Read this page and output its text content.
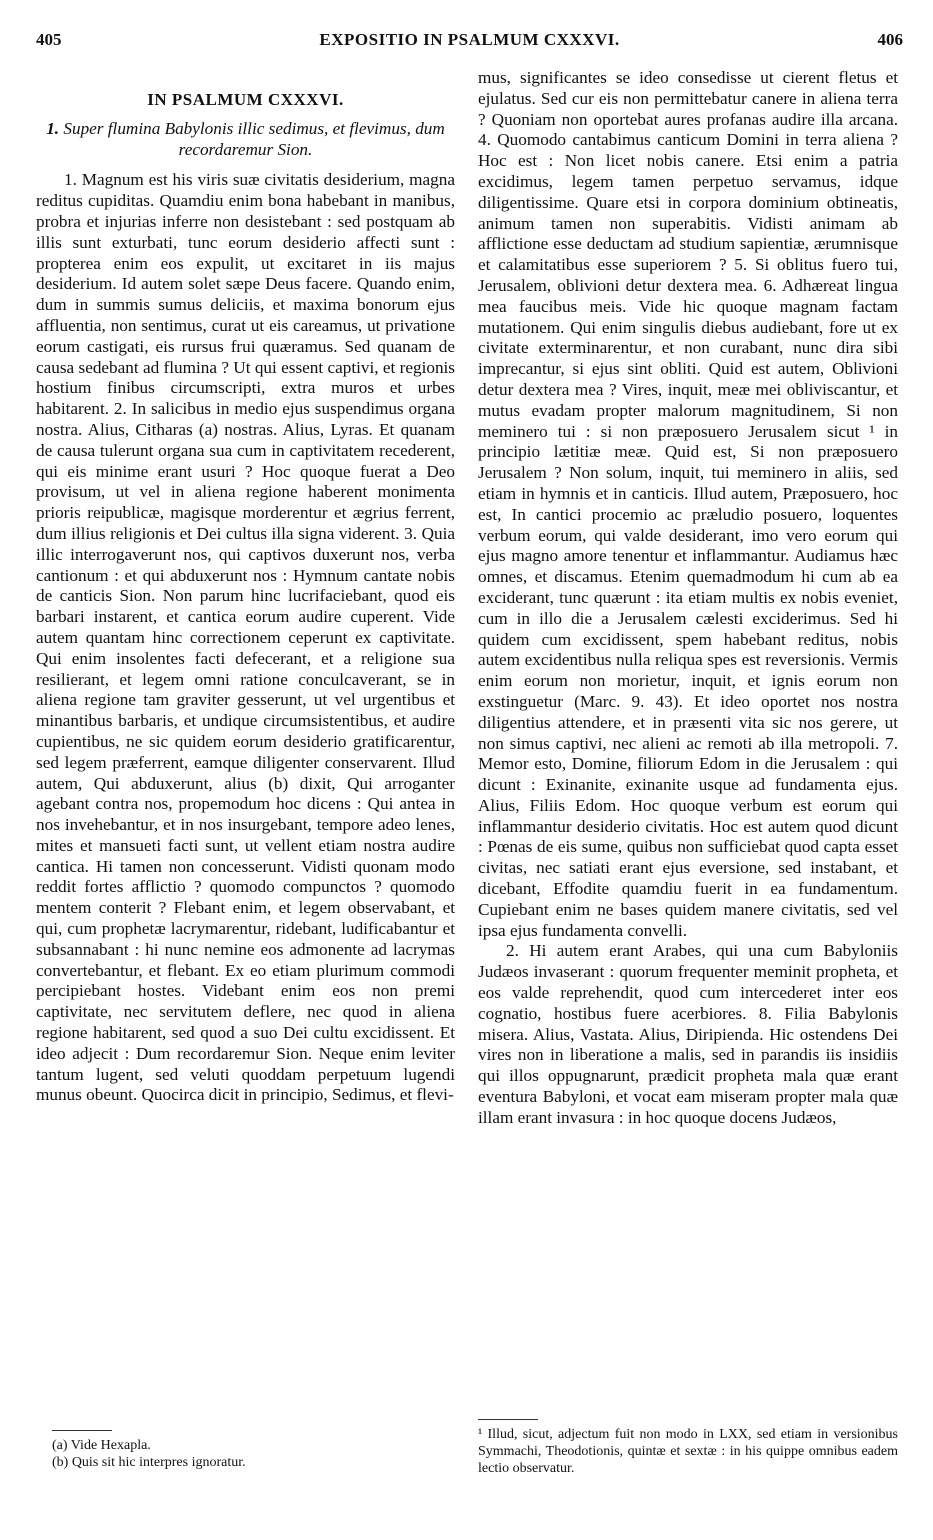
405	EXPOSITIO IN PSALMUM CXXXVI.	406

IN PSALMUM CXXXVI.

1. Super flumina Babylonis illic sedimus, et flevimus, dum recordaremur Sion.

1. Magnum est his viris suæ civitatis desiderium, magna reditus cupiditas. Quamdiu enim bona habebant in manibus, probra et injurias inferre non desistebant : sed postquam ab illis sunt exturbati, tunc eorum desiderio affecti sunt : propterea enim eos expulit, ut excitaret in iis majus desiderium. Id autem solet sæpe Deus facere. Quando enim, dum in summis sumus deliciis, et maxima bonorum ejus affluentia, non sentimus, curat ut eis careamus, ut privatione eorum castigati, eis rursus frui quæramus. Sed quanam de causa sedebant ad flumina ? Ut qui essent captivi, et regionis hostium finibus circumscripti, extra muros et urbes habitarent. 2. In salicibus in medio ejus suspendimus organa nostra. Alius, Citharas (a) nostras. Alius, Lyras. Et quanam de causa tulerunt organa sua cum in captivitatem recederent, qui eis minime erant usuri ? Hoc quoque fuerat a Deo provisum, ut vel in aliena regione haberent monimenta prioris reipublicæ, magisque morderentur et ægrius ferrent, dum illius religionis et Dei cultus illa signa viderent. 3. Quia illic interrogaverunt nos, qui captivos duxerunt nos, verba cantionum : et qui abduxerunt nos : Hymnum cantate nobis de canticis Sion. Non parum hinc lucrifaciebant, quod eis barbari instarent, et cantica eorum audire cuperent. Vide autem quantam hinc correctionem ceperunt ex captivitate. Qui enim insolentes facti defecerant, et a religione sua resilierant, et legem omni ratione conculcaverant, se in aliena regione tam graviter gesserunt, ut vel urgentibus et minantibus barbaris, et undique circumsistentibus, et audire cupientibus, ne sic quidem eorum desiderio gratificarentur, sed legem præferrent, eamque diligenter conservarent. Illud autem, Qui abduxerunt, alius (b) dixit, Qui arroganter agebant contra nos, propemodum hoc dicens : Qui antea in nos invehebantur, et in nos insurgebant, tempore adeo lenes, mites et mansueti facti sunt, ut vellent etiam nostra audire cantica. Hi tamen non concesserunt. Vidisti quonam modo reddit fortes afflictio ? quomodo compunctos ? quomodo mentem conterit ? Flebant enim, et legem observabant, et qui, cum prophetæ lacrymarentur, ridebant, ludificabantur et subsannabant : hi nunc nemine eos admonente ad lacrymas convertebantur, et flebant. Ex eo etiam plurimum commodi percipiebant hostes. Videbant enim eos non premi captivitate, nec servitutem deflere, nec quod in aliena regione habitarent, sed quod a suo Dei cultu excidissent. Et ideo adjecit : Dum recordaremur Sion. Neque enim leviter tantum lugent, sed veluti quoddam perpetuum lugendi munus obeunt. Quocirca dicit in principio, Sedimus, et flevi-

mus, significantes se ideo consedisse ut cierent fletus et ejulatus. Sed cur eis non permittebatur canere in aliena terra ? Quoniam non oportebat aures profanas audire illa arcana. 4. Quomodo cantabimus canticum Domini in terra aliena ? Hoc est : Non licet nobis canere. Etsi enim a patria excidimus, legem tamen perpetuo servamus, idque diligentissime. Quare etsi in corpora dominium obtineatis, animum tamen non superabitis. Vidisti animam ab afflictione esse deductam ad studium sapientiæ, ærumnisque et calamitatibus esse superiorem ? 5. Si oblitus fuero tui, Jerusalem, oblivioni detur dextera mea. 6. Adhæreat lingua mea faucibus meis. Vide hic quoque magnam factam mutationem. Qui enim singulis diebus audiebant, fore ut ex civitate exterminarentur, et non curabant, nunc dira sibi imprecantur, si ejus sint obliti. Quid est autem, Oblivioni detur dextera mea ? Vires, inquit, meæ mei obliviscantur, et mutus evadam propter malorum magnitudinem, Si non meminero tui : si non præposuero Jerusalem sicut ¹ in principio lætitiæ meæ. Quid est, Si non præposuero Jerusalem ? Non solum, inquit, tui meminero in aliis, sed etiam in hymnis et in canticis. Illud autem, Præposuero, hoc est, In cantici procemio ac præludio posuero, loquentes verbum eorum, qui valde desiderant, imo vero eorum qui ejus magno amore tenentur et inflammantur. Audiamus hæc omnes, et discamus. Etenim quemadmodum hi cum ab ea exciderant, tunc quærunt : ita etiam multis ex nobis eveniet, cum in illo die a Jerusalem cælesti exciderimus. Sed hi quidem cum excidissent, spem habebant reditus, nobis autem excidentibus nulla reliqua spes est reversionis. Vermis enim eorum non morietur, inquit, et ignis eorum non exstinguetur (Marc. 9. 43). Et ideo oportet nos nostra diligentius attendere, et in præsenti vita sic nos gerere, ut non simus captivi, nec alieni ac remoti ab illa metropoli. 7. Memor esto, Domine, filiorum Edom in die Jerusalem : qui dicunt : Exinanite, exinanite usque ad fundamenta ejus. Alius, Filiis Edom. Hoc quoque verbum est eorum qui inflammantur desiderio civitatis. Hoc est autem quod dicunt : Pœnas de eis sume, quibus non sufficiebat quod capta esset civitas, nec satiati erant ejus eversione, sed instabant, et dicebant, Effodite quamdiu fuerit in ea fundamentum. Cupiebant enim ne bases quidem manere civitatis, sed vel ipsa ejus fundamenta convelli.

2. Hi autem erant Arabes, qui una cum Babyloniis Judæos invaserant : quorum frequenter meminit propheta, et eos valde reprehendit, quod cum intercederet inter eos cognatio, hostibus fuere acerbiores. 8. Filia Babylonis misera. Alius, Vastata. Alius, Diripienda. Hic ostendens Dei vires non in liberatione a malis, sed in parandis iis insidiis qui illos oppugnarunt, prædicit propheta mala quæ erant eventura Babyloni, et vocat eam miseram propter mala quæ illam erant invasura : in hoc quoque docens Judæos,

(a) Vide Hexapla.
(b) Quis sit hic interpres ignoratur.
¹ Illud, sicut, adjectum fuit non modo in LXX, sed etiam in versionibus Symmachi, Theodotionis, quintæ et sextæ : in his quippe omnibus eadem lectio observatur.
